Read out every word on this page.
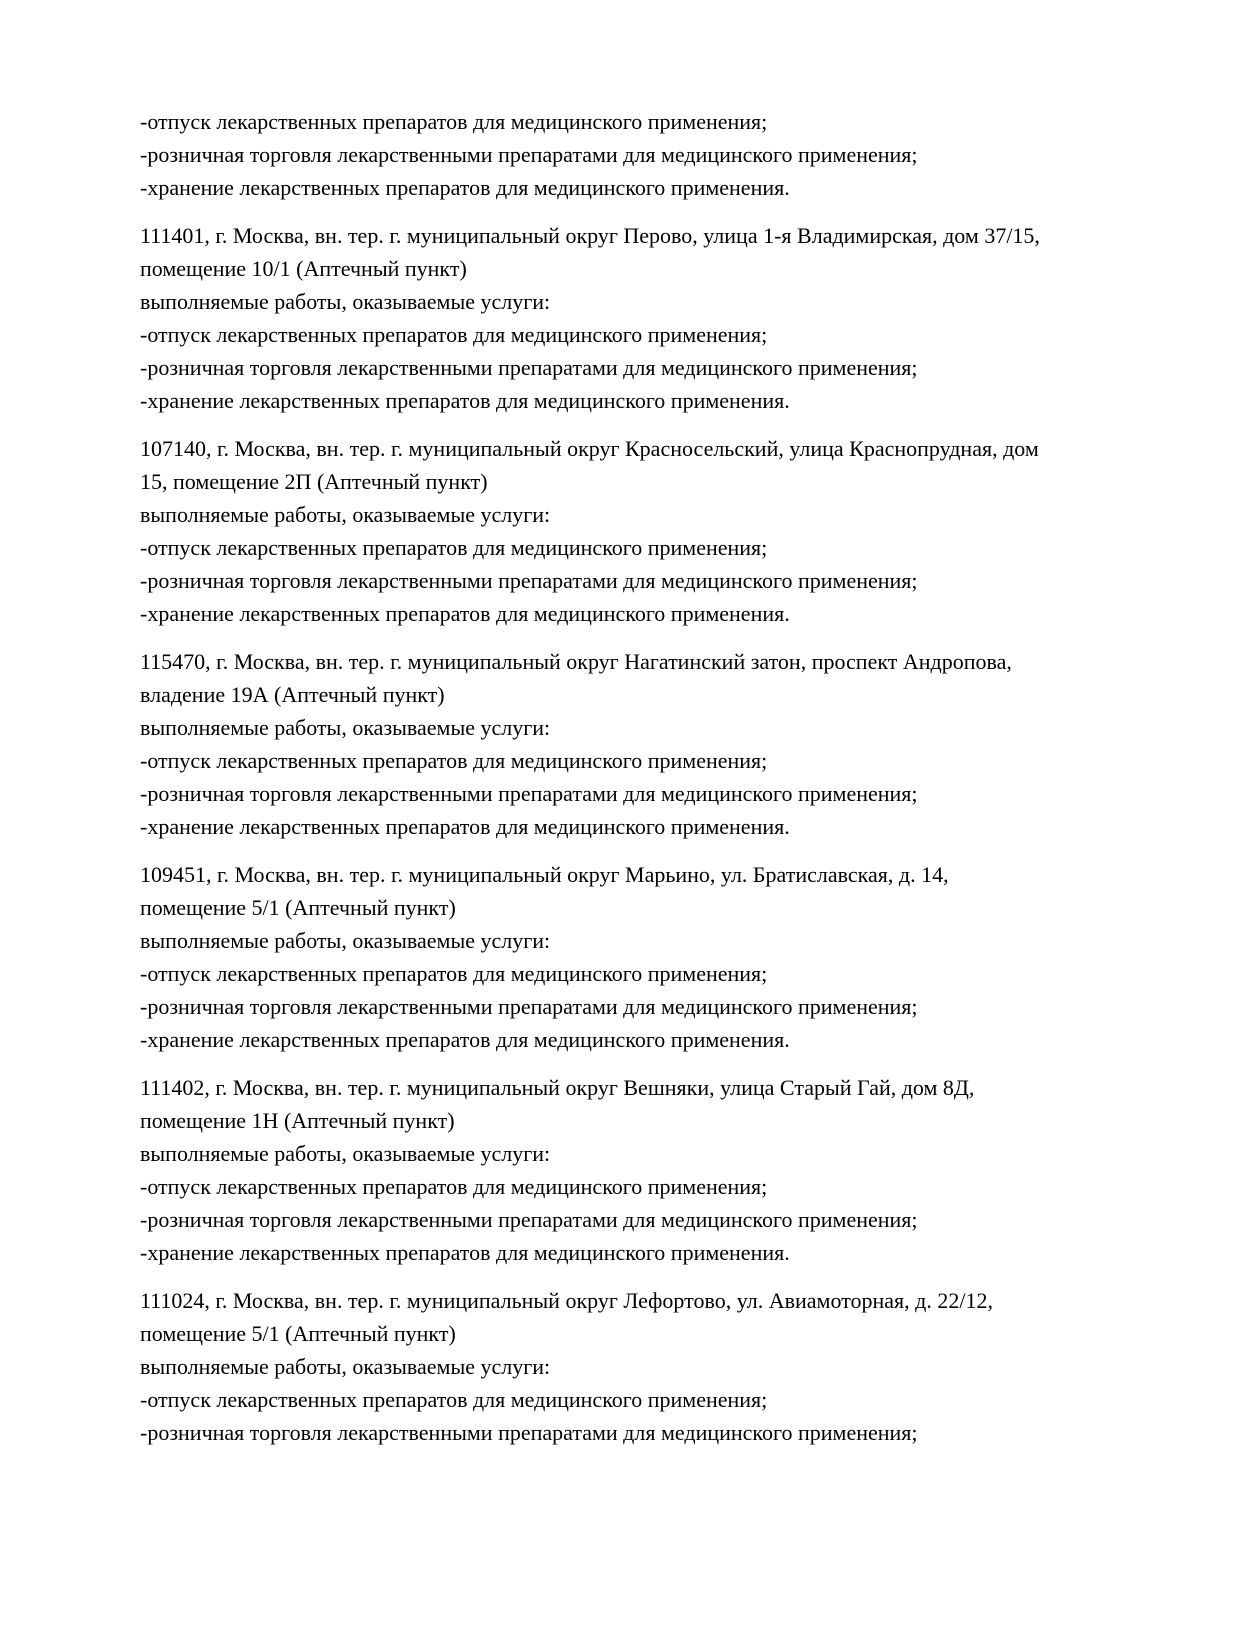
-отпуск лекарственных препаратов для медицинского применения;
-розничная торговля лекарственными препаратами для медицинского применения;
-хранение лекарственных препаратов для медицинского применения.
111401, г. Москва, вн. тер. г. муниципальный округ Перово, улица 1-я Владимирская, дом 37/15,
помещение 10/1 (Аптечный пункт)
выполняемые работы, оказываемые услуги:
-отпуск лекарственных препаратов для медицинского применения;
-розничная торговля лекарственными препаратами для медицинского применения;
-хранение лекарственных препаратов для медицинского применения.
107140, г. Москва, вн. тер. г. муниципальный округ Красносельский, улица Краснопрудная, дом
15, помещение 2П (Аптечный пункт)
выполняемые работы, оказываемые услуги:
-отпуск лекарственных препаратов для медицинского применения;
-розничная торговля лекарственными препаратами для медицинского применения;
-хранение лекарственных препаратов для медицинского применения.
115470, г. Москва, вн. тер. г. муниципальный округ Нагатинский затон, проспект Андропова,
владение 19А (Аптечный пункт)
выполняемые работы, оказываемые услуги:
-отпуск лекарственных препаратов для медицинского применения;
-розничная торговля лекарственными препаратами для медицинского применения;
-хранение лекарственных препаратов для медицинского применения.
109451, г. Москва, вн. тер. г. муниципальный округ Марьино, ул. Братиславская, д. 14,
помещение 5/1 (Аптечный пункт)
выполняемые работы, оказываемые услуги:
-отпуск лекарственных препаратов для медицинского применения;
-розничная торговля лекарственными препаратами для медицинского применения;
-хранение лекарственных препаратов для медицинского применения.
111402, г. Москва, вн. тер. г. муниципальный округ Вешняки, улица Старый Гай, дом 8Д,
помещение 1Н (Аптечный пункт)
выполняемые работы, оказываемые услуги:
-отпуск лекарственных препаратов для медицинского применения;
-розничная торговля лекарственными препаратами для медицинского применения;
-хранение лекарственных препаратов для медицинского применения.
111024, г. Москва, вн. тер. г. муниципальный округ Лефортово, ул. Авиамоторная, д. 22/12,
помещение 5/1 (Аптечный пункт)
выполняемые работы, оказываемые услуги:
-отпуск лекарственных препаратов для медицинского применения;
-розничная торговля лекарственными препаратами для медицинского применения;
